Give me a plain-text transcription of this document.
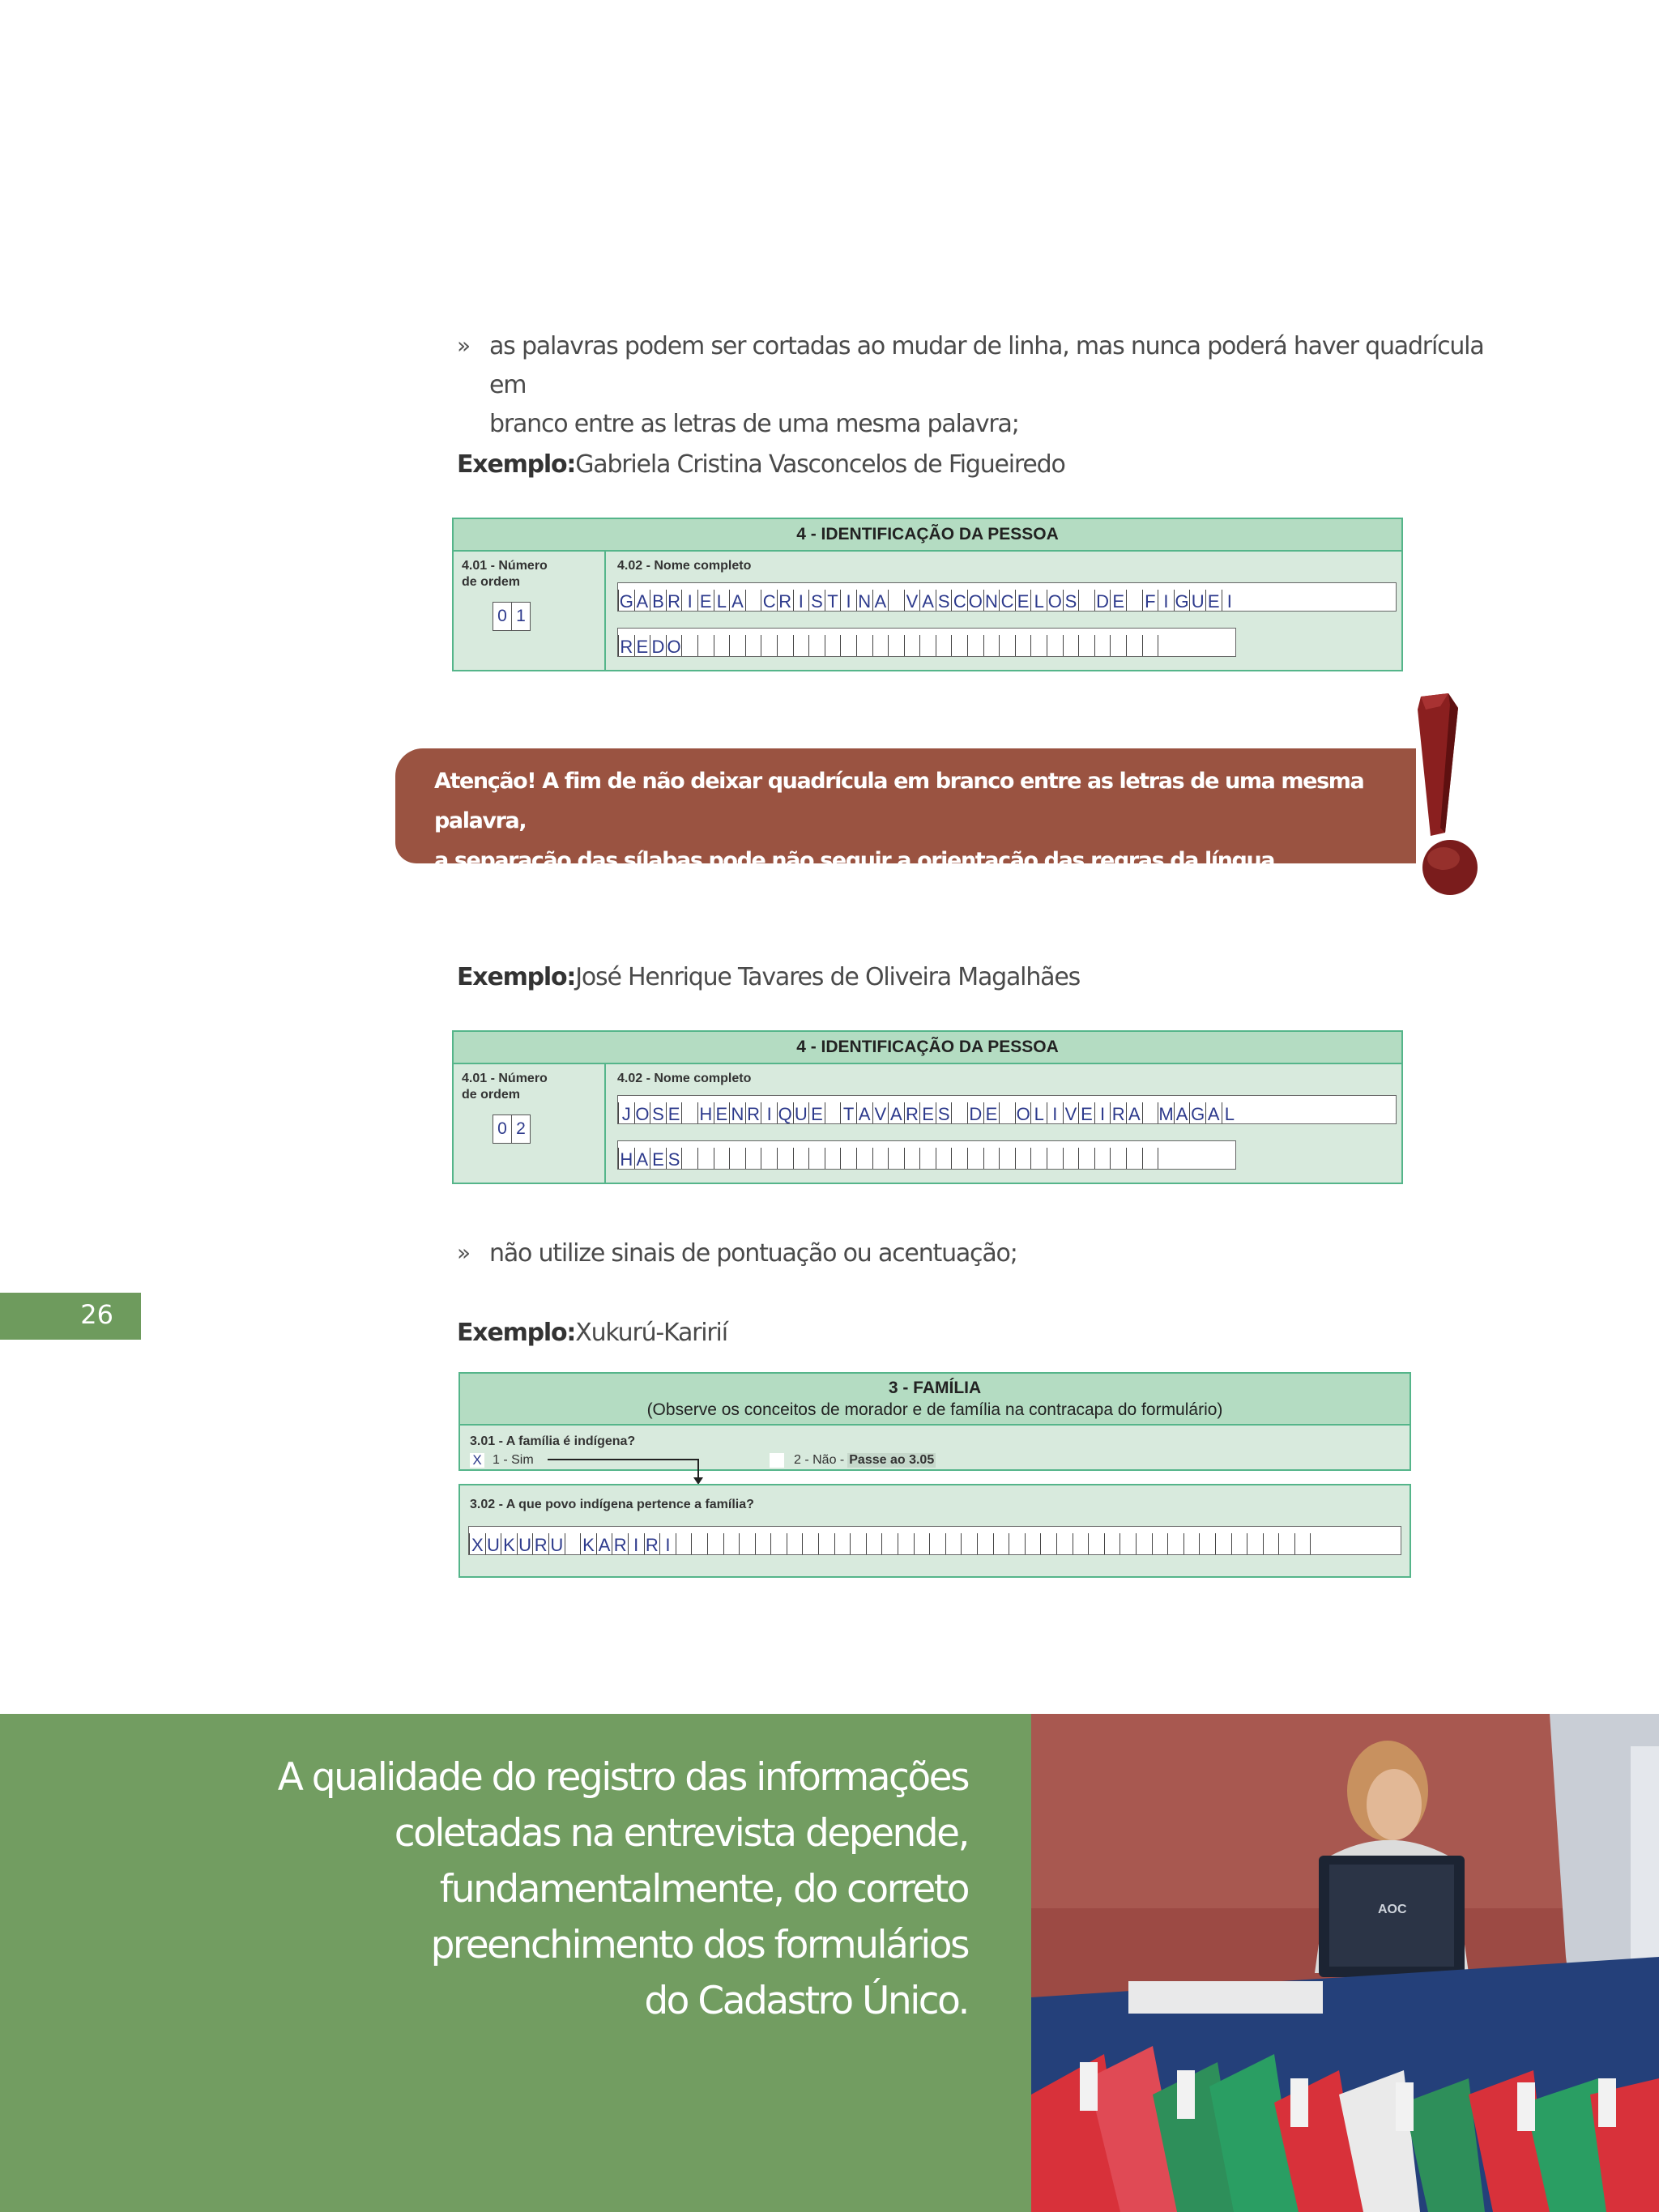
» as palavras podem ser cortadas ao mudar de linha, mas nunca poderá haver quadrícula em
branco entre as letras de uma mesma palavra;
Exemplo:Gabriela Cristina Vasconcelos de Figueiredo
4 - IDENTIFICAÇÃO DA PESSOA
4.01 - Número
de ordem
0 1
4.02 - Nome completo
G A B R I E L A C R I S T I N A V A S C O N C E L O S D E F I G U E I
R E D O
Atenção! A fim de não deixar quadrícula em branco entre as letras de uma mesma palavra,
a separação das sílabas pode não seguir a orientação das regras da língua portuguesa.
Exemplo:José Henrique Tavares de Oliveira Magalhães
4 - IDENTIFICAÇÃO DA PESSOA
4.01 - Número
de ordem
0 2
4.02 - Nome completo
J O S E H E N R I Q U E T A V A R E S D E O L I V E I R A M A G A L
H A E S
» não utilize sinais de pontuação ou acentuação;
26
Exemplo:Xukurú-Karirií
3 - FAMÍLIA
(Observe os conceitos de morador e de família na contracapa do formulário)
3.01 - A família é indígena?
X 1 - Sim	2 - Não - Passe ao 3.05
3.02 - A que povo indígena pertence a família?
X U K U R U K A R I R I
A qualidade do registro das informações
coletadas na entrevista depende,
fundamentalmente, do correto
preenchimento dos formulários
do Cadastro Único.
AOC
